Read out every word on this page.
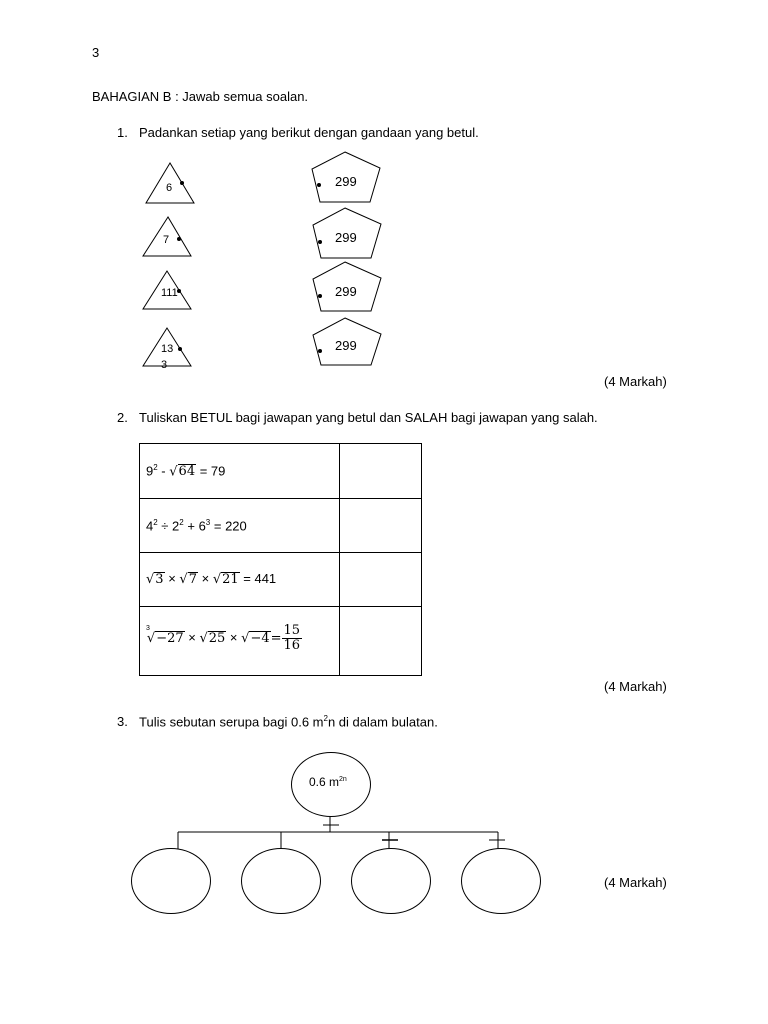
3
BAHAGIAN B : Jawab semua soalan.
1. Padankan setiap yang berikut dengan gandaan yang betul.
6
7
111
13
3
299
299
299
299
(4 Markah)
2. Tuliskan BETUL bagi jawapan yang betul dan SALAH bagi jawapan yang salah.
$9^2 - √64 = 79$
$4^2 \div 2^2 + 6^3 = 220$
√3 × √7 × √21 = 441
$^3√-27 \times √25 \times √-4= \frac{15}{16}$
(4 Markah)
3. Tulis sebutan serupa bagi 0.6 $m^2n$ di dalam bulatan.
0.6 $m^{2n}$
(4 Markah)
